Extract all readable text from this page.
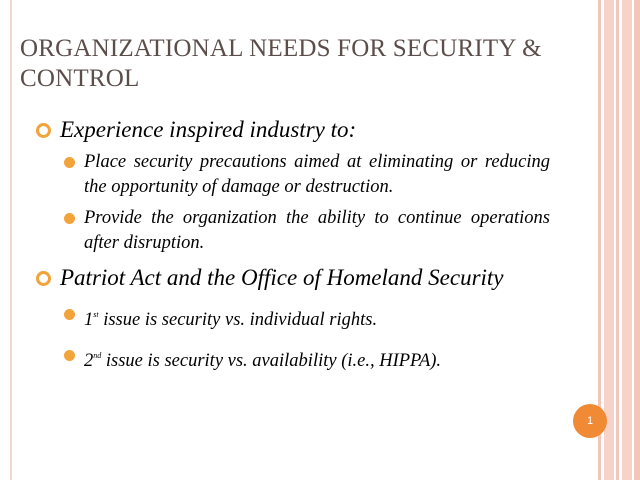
ORGANIZATIONAL NEEDS FOR SECURITY & CONTROL
Experience inspired industry to:
Place security precautions aimed at eliminating or reducing the opportunity of damage or destruction.
Provide the organization the ability to continue operations after disruption.
Patriot Act and the Office of Homeland Security
1st issue is security vs. individual rights.
2nd issue is security vs. availability (i.e., HIPPA).
1
